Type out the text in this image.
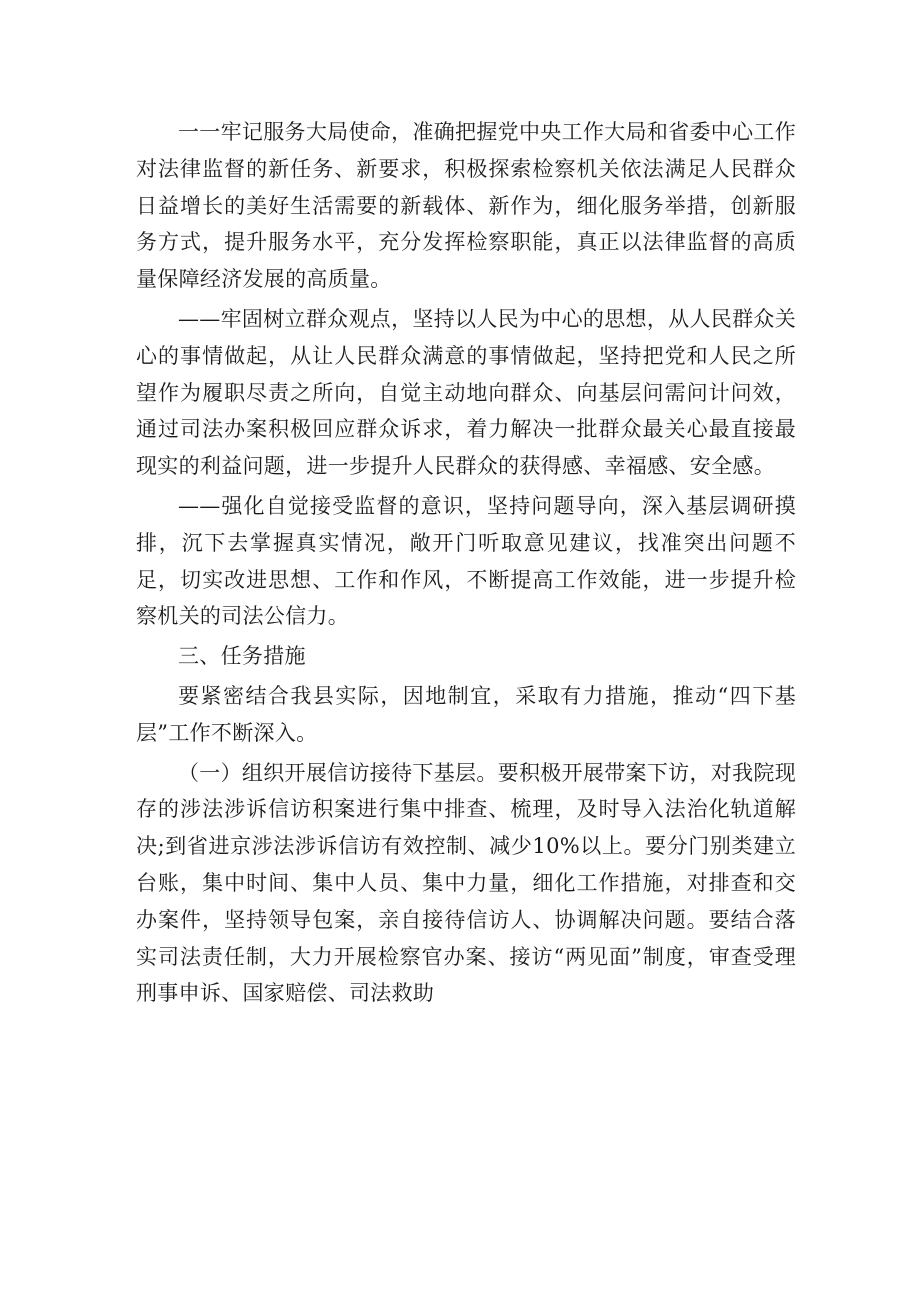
一一牢记服务大局使命，准确把握党中央工作大局和省委中心工作对法律监督的新任务、新要求，积极探索检察机关依法满足人民群众日益增长的美好生活需要的新载体、新作为，细化服务举措，创新服务方式，提升服务水平，充分发挥检察职能，真正以法律监督的高质量保障经济发展的高质量。

——牢固树立群众观点，坚持以人民为中心的思想，从人民群众关心的事情做起，从让人民群众满意的事情做起，坚持把党和人民之所望作为履职尽责之所向，自觉主动地向群众、向基层问需问计问效，通过司法办案积极回应群众诉求，着力解决一批群众最关心最直接最现实的利益问题，进一步提升人民群众的获得感、幸福感、安全感。

——强化自觉接受监督的意识，坚持问题导向，深入基层调研摸排，沉下去掌握真实情况，敞开门听取意见建议，找准突出问题不足，切实改进思想、工作和作风，不断提高工作效能，进一步提升检察机关的司法公信力。

三、任务措施

要紧密结合我县实际，因地制宜，采取有力措施，推动“四下基层”工作不断深入。

（一）组织开展信访接待下基层。要积极开展带案下访，对我院现存的涉法涉诉信访积案进行集中排查、梳理，及时导入法治化轨道解决;到省进京涉法涉诉信访有效控制、减少10%以上。要分门别类建立台账，集中时间、集中人员、集中力量，细化工作措施，对排查和交办案件，坚持领导包案，亲自接待信访人、协调解决问题。要结合落实司法责任制，大力开展检察官办案、接访“两见面”制度，审查受理刑事申诉、国家赔偿、司法救助
